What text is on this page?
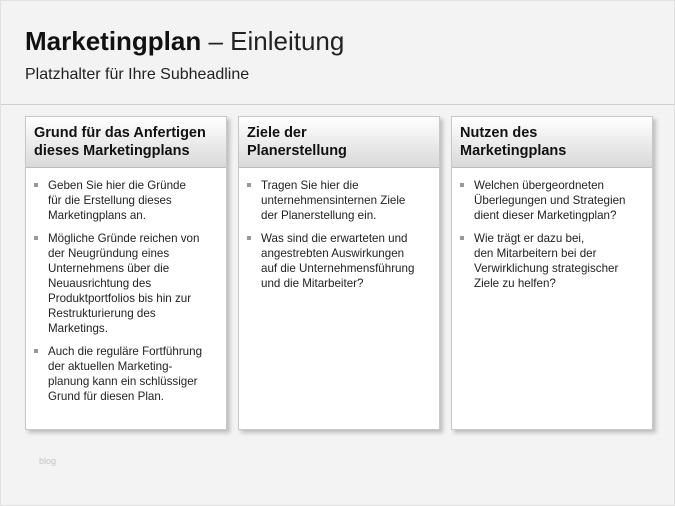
Marketingplan – Einleitung
Platzhalter für Ihre Subheadline
Grund für das Anfertigen
dieses Marketingplans
Geben Sie hier die Gründe
für die Erstellung dieses
Marketingplans an.
Mögliche Gründe reichen von
der Neugründung eines
Unternehmens über die
Neuausrichtung des
Produktportfolios bis hin zur
Restrukturierung des
Marketings.
Auch die reguläre Fortführung
der aktuellen Marketing-
planung kann ein schlüssiger
Grund für diesen Plan.
Ziele der
Planerstellung
Tragen Sie hier die
unternehmensinternen Ziele
der Planerstellung ein.
Was sind die erwarteten und
angestrebten Auswirkungen
auf die Unternehmensführung
und die Mitarbeiter?
Nutzen des
Marketingplans
Welchen übergeordneten
Überlegungen und Strategien
dient dieser Marketingplan?
Wie trägt er dazu bei,
den Mitarbeitern bei der
Verwirklichung strategischer
Ziele zu helfen?
blog
